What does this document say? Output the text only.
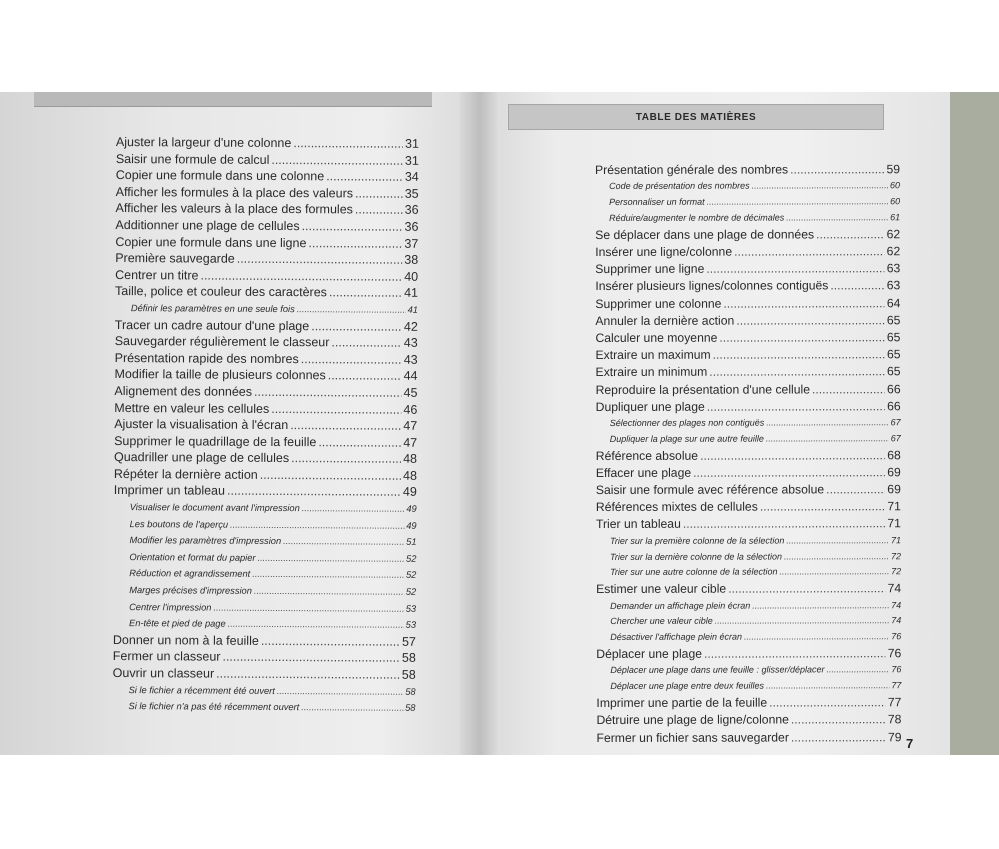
TABLE DES MATIÈRES
Ajuster la largeur d'une colonne .....	31
Saisir une formule de calcul .....	31
Copier une formule dans une colonne .....	34
Afficher les formules à la place des valeurs .....	35
Afficher les valeurs à la place des formules .....	36
Additionner une plage de cellules .....	36
Copier une formule dans une ligne .....	37
Première sauvegarde .....	38
Centrer un titre .....	40
Taille, police et couleur des caractères .....	41
Définir les paramètres en une seule fois .....	41
Tracer un cadre autour d'une plage .....	42
Sauvegarder régulièrement le classeur .....	43
Présentation rapide des nombres .....	43
Modifier la taille de plusieurs colonnes .....	44
Alignement des données .....	45
Mettre en valeur les cellules .....	46
Ajuster la visualisation à l'écran .....	47
Supprimer le quadrillage de la feuille .....	47
Quadriller une plage de cellules .....	48
Répéter la dernière action .....	48
Imprimer un tableau .....	49
Visualiser le document avant l'impression .....	49
Les boutons de l'aperçu .....	49
Modifier les paramètres d'impression .....	51
Orientation et format du papier .....	52
Réduction et agrandissement .....	52
Marges précises d'impression .....	52
Centrer l'impression .....	53
En-tête et pied de page .....	53
Donner un nom à la feuille .....	57
Fermer un classeur .....	58
Ouvrir un classeur .....	58
Si le fichier a récemment été ouvert .....	58
Si le fichier n'a pas été récemment ouvert .....	58
Présentation générale des nombres .....	59
Code de présentation des nombres .....	60
Personnaliser un format .....	60
Réduire/augmenter le nombre de décimales .....	61
Se déplacer dans une plage de données .....	62
Insérer une ligne/colonne .....	62
Supprimer une ligne .....	63
Insérer plusieurs lignes/colonnes contiguës .....	63
Supprimer une colonne .....	64
Annuler la dernière action .....	65
Calculer une moyenne .....	65
Extraire un maximum .....	65
Extraire un minimum .....	65
Reproduire la présentation d'une cellule .....	66
Dupliquer une plage .....	66
Sélectionner des plages non contiguës .....	67
Dupliquer la plage sur une autre feuille .....	67
Référence absolue .....	68
Effacer une plage .....	69
Saisir une formule avec référence absolue .....	69
Références mixtes de cellules .....	71
Trier un tableau .....	71
Trier sur la première colonne de la sélection .....	71
Trier sur la dernière colonne de la sélection .....	72
Trier sur une autre colonne de la sélection .....	72
Estimer une valeur cible .....	74
Demander un affichage plein écran .....	74
Chercher une valeur cible .....	74
Désactiver l'affichage plein écran .....	76
Déplacer une plage .....	76
Déplacer une plage dans une feuille : glisser/déplacer .....	76
Déplacer une plage entre deux feuilles .....	77
Imprimer une partie de la feuille .....	77
Détruire une plage de ligne/colonne .....	78
Fermer un fichier sans sauvegarder .....	79 7
